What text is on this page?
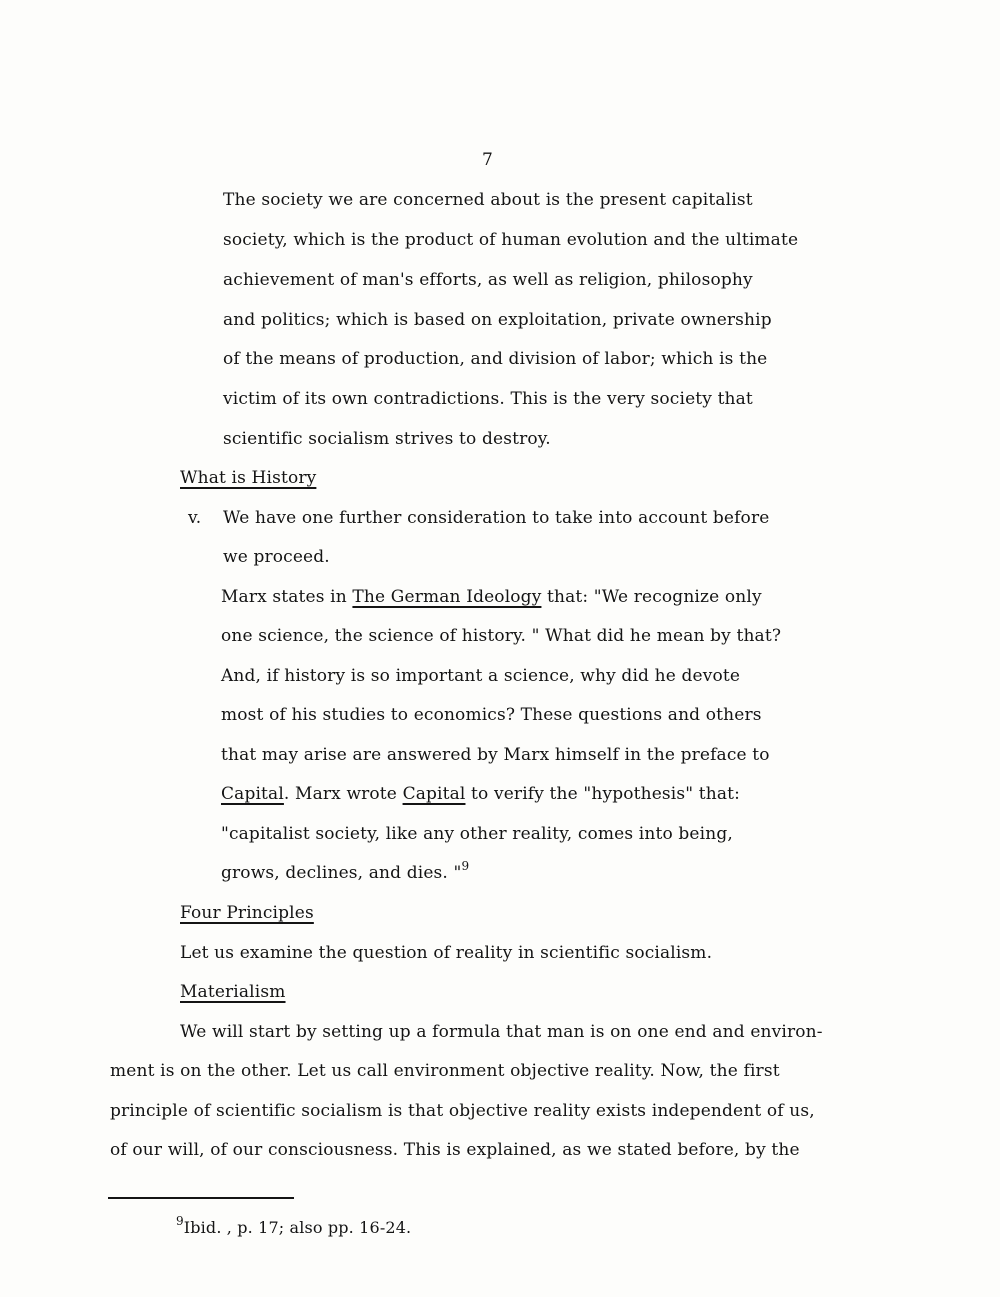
7

The society we are concerned about is the present capitalist

society, which is the product of human evolution and the ultimate

achievement of man's efforts, as well as religion, philosophy

and politics; which is based on exploitation, private ownership

of the means of production, and division of labor; which is the

victim of its own contradictions. This is the very society that

scientific socialism strives to destroy.

What is History

v. We have one further consideration to take into account before

we proceed.

Marx states in The German Ideology that: "We recognize only

one science, the science of history. " What did he mean by that?

And, if history is so important a science, why did he devote

most of his studies to economics? These questions and others

that may arise are answered by Marx himself in the preface to

Capital. Marx wrote Capital to verify the "hypothesis" that:

"capitalist society, like any other reality, comes into being,

grows, declines, and dies. "$^9$

Four Principles

Let us examine the question of reality in scientific socialism.

Materialism

We will start by setting up a formula that man is on one end and environ-

ment is on the other. Let us call environment objective reality. Now, the first

principle of scientific socialism is that objective reality exists independent of us,

of our will, of our consciousness. This is explained, as we stated before, by the

$^9$Ibid. , p. 17; also pp. 16-24.
